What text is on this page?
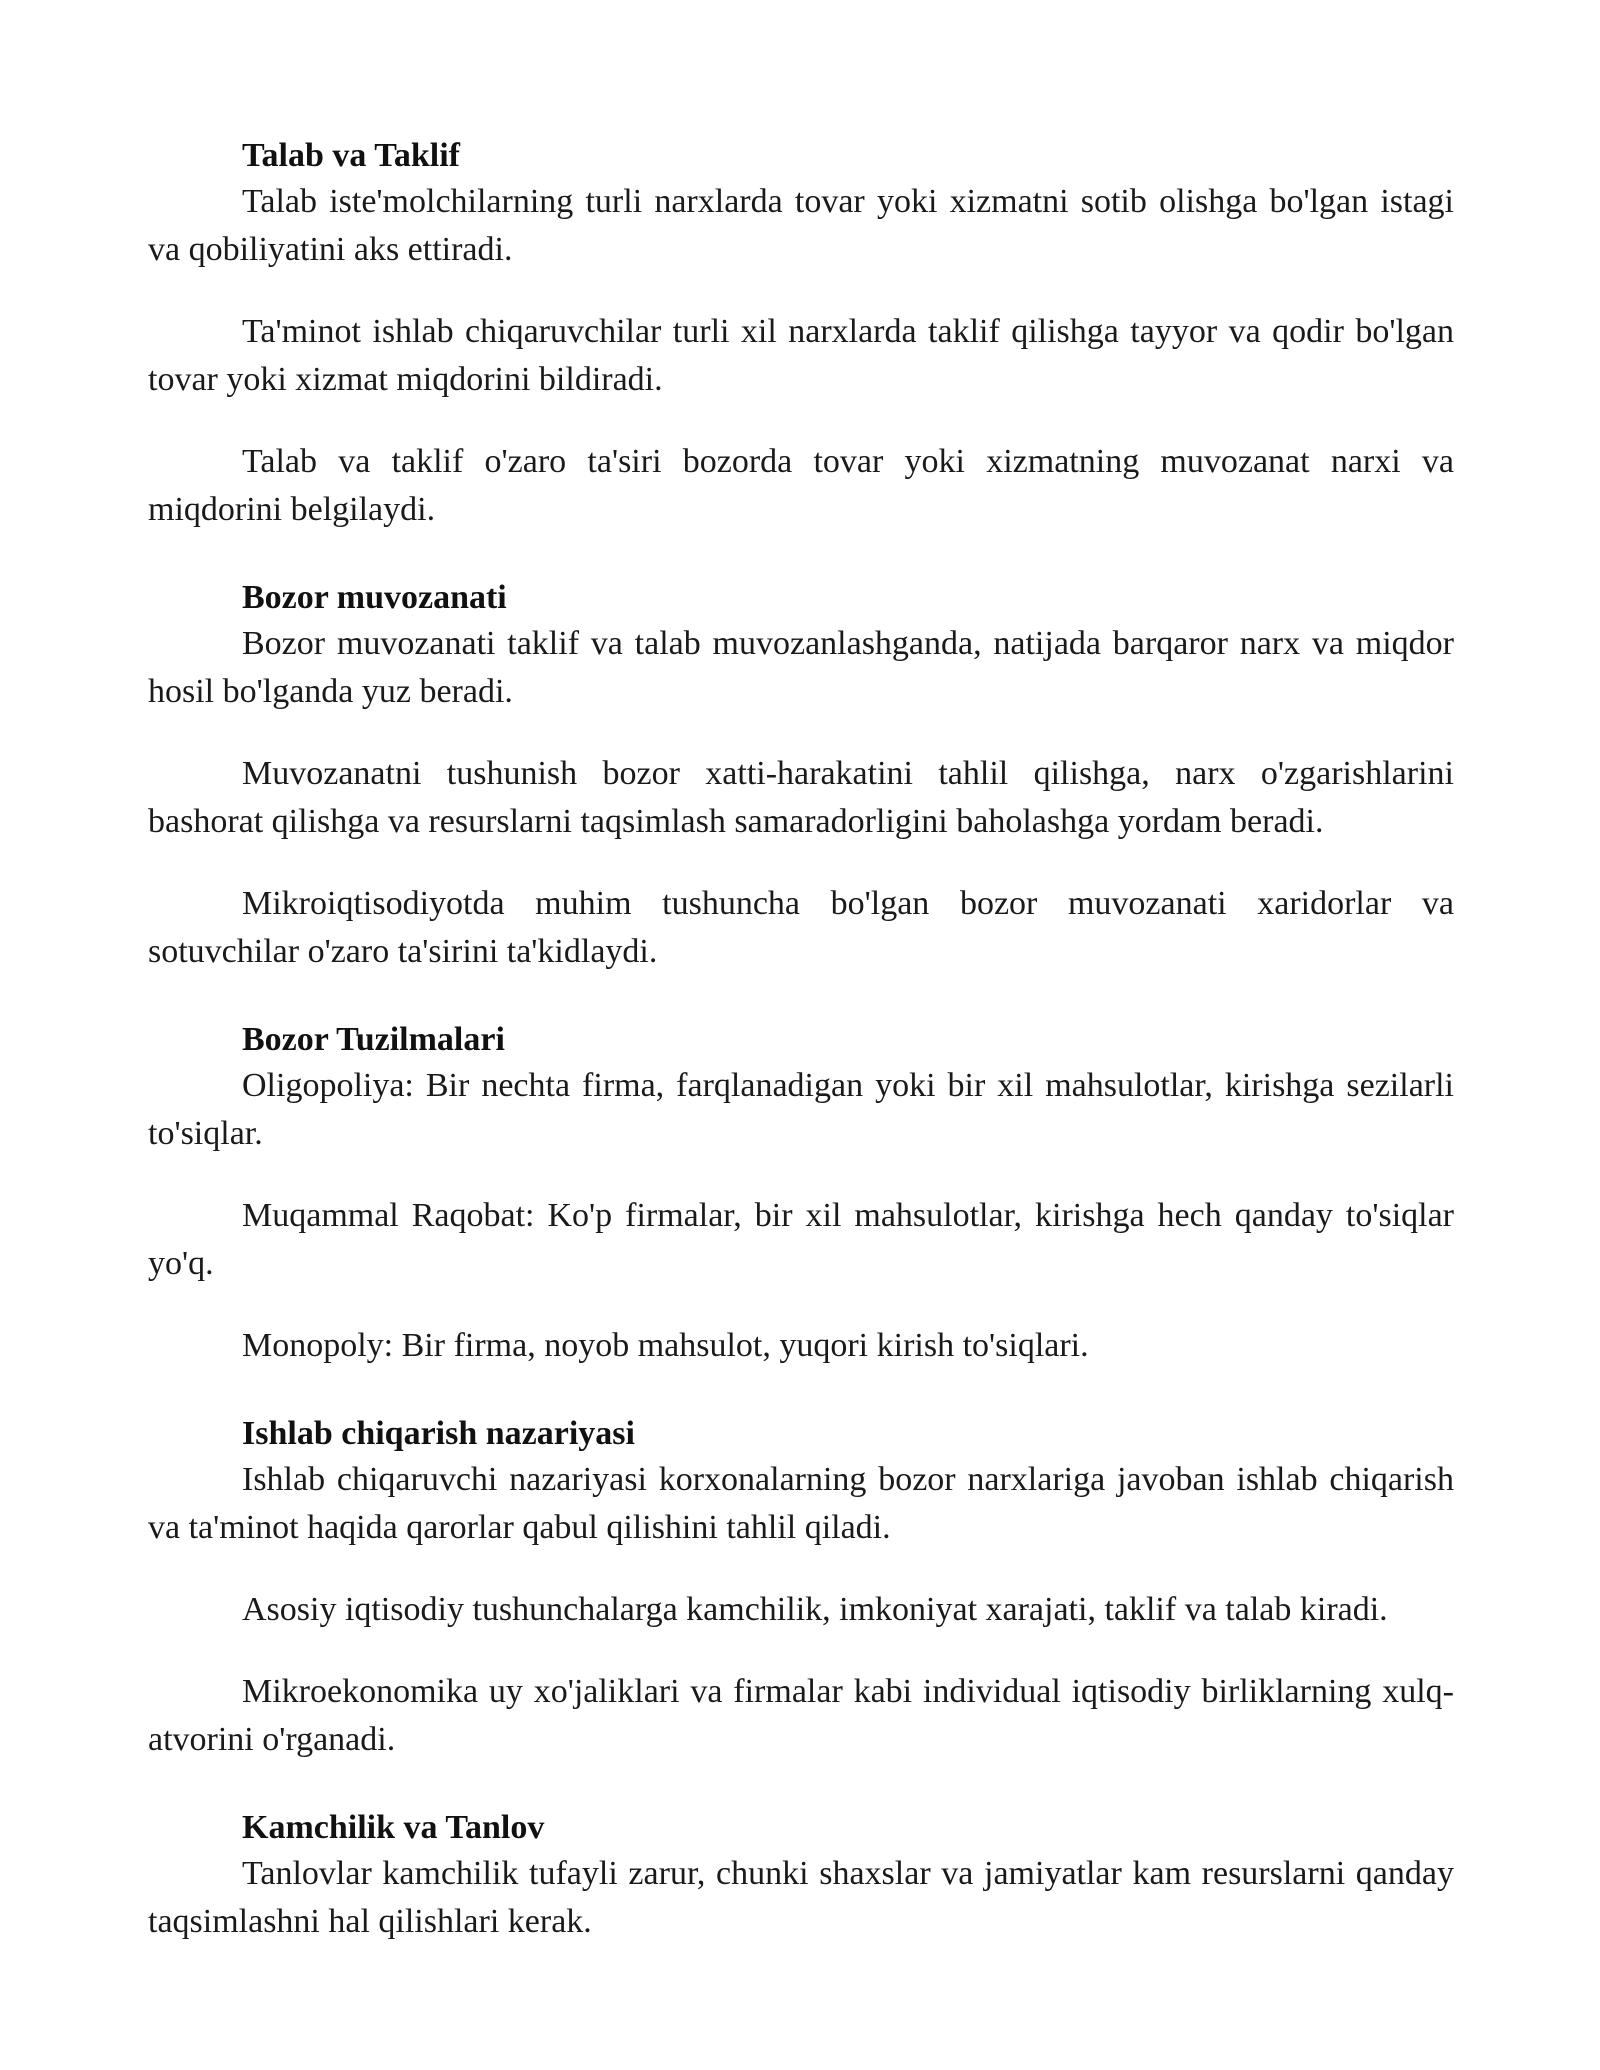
Talab va Taklif

Talab iste'molchilarning turli narxlarda tovar yoki xizmatni sotib olishga bo'lgan istagi va qobiliyatini aks ettiradi.

Ta'minot ishlab chiqaruvchilar turli xil narxlarda taklif qilishga tayyor va qodir bo'lgan tovar yoki xizmat miqdorini bildiradi.

Talab va taklif o'zaro ta'siri bozorda tovar yoki xizmatning muvozanat narxi va miqdorini belgilaydi.

Bozor muvozanati

Bozor muvozanati taklif va talab muvozanlashganda, natijada barqaror narx va miqdor hosil bo'lganda yuz beradi.

Muvozanatni tushunish bozor xatti-harakatini tahlil qilishga, narx o'zgarishlarini bashorat qilishga va resurslarni taqsimlash samaradorligini baholashga yordam beradi.

Mikroiqtisodiyotda muhim tushuncha bo'lgan bozor muvozanati xaridorlar va sotuvchilar o'zaro ta'sirini ta'kidlaydi.

Bozor Tuzilmalari

Oligopoliya: Bir nechta firma, farqlanadigan yoki bir xil mahsulotlar, kirishga sezilarli to'siqlar.

Muqammal Raqobat: Ko'p firmalar, bir xil mahsulotlar, kirishga hech qanday to'siqlar yo'q.

Monopoly: Bir firma, noyob mahsulot, yuqori kirish to'siqlari.

Ishlab chiqarish nazariyasi

Ishlab chiqaruvchi nazariyasi korxonalarning bozor narxlariga javoban ishlab chiqarish va ta'minot haqida qarorlar qabul qilishini tahlil qiladi.

Asosiy iqtisodiy tushunchalarga kamchilik, imkoniyat xarajati, taklif va talab kiradi.

Mikroekonomika uy xo'jaliklari va firmalar kabi individual iqtisodiy birliklarning xulq-atvorini o'rganadi.

Kamchilik va Tanlov

Tanlovlar kamchilik tufayli zarur, chunki shaxslar va jamiyatlar kam resurslarni qanday taqsimlashni hal qilishlari kerak.
